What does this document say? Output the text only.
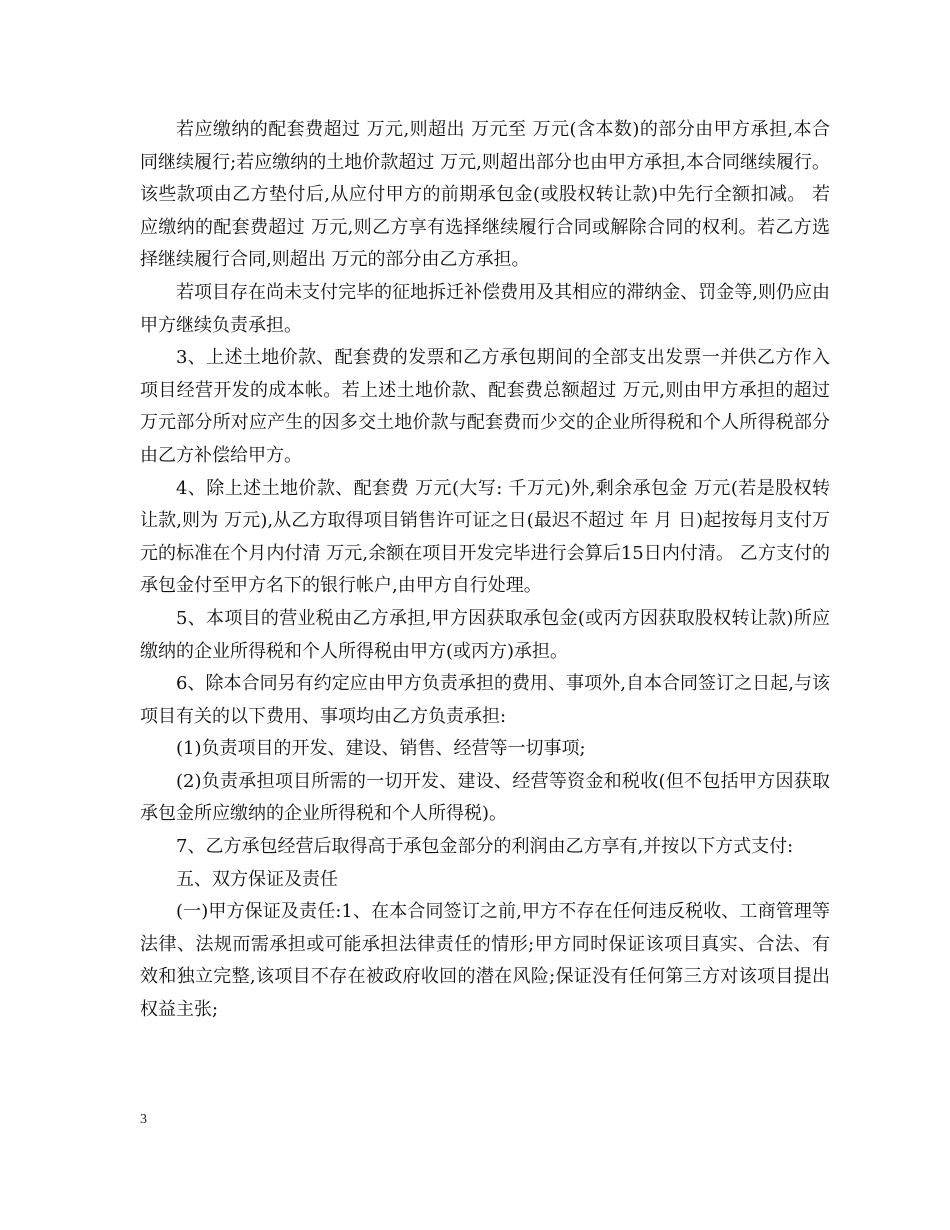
若应缴纳的配套费超过 万元,则超出 万元至 万元(含本数)的部分由甲方承担,本合同继续履行;若应缴纳的土地价款超过 万元,则超出部分也由甲方承担,本合同继续履行。该些款项由乙方垫付后,从应付甲方的前期承包金(或股权转让款)中先行全额扣减。 若应缴纳的配套费超过 万元,则乙方享有选择继续履行合同或解除合同的权利。若乙方选择继续履行合同,则超出 万元的部分由乙方承担。

若项目存在尚未支付完毕的征地拆迁补偿费用及其相应的滞纳金、罚金等,则仍应由甲方继续负责承担。

3、上述土地价款、配套费的发票和乙方承包期间的全部支出发票一并供乙方作入项目经营开发的成本帐。若上述土地价款、配套费总额超过 万元,则由甲方承担的超过 万元部分所对应产生的因多交土地价款与配套费而少交的企业所得税和个人所得税部分由乙方补偿给甲方。

4、除上述土地价款、配套费 万元(大写: 千万元)外,剩余承包金 万元(若是股权转让款,则为 万元),从乙方取得项目销售许可证之日(最迟不超过 年 月 日)起按每月支付万元的标准在个月内付清 万元,余额在项目开发完毕进行会算后15日内付清。 乙方支付的承包金付至甲方名下的银行帐户,由甲方自行处理。

5、本项目的营业税由乙方承担,甲方因获取承包金(或丙方因获取股权转让款)所应缴纳的企业所得税和个人所得税由甲方(或丙方)承担。

6、除本合同另有约定应由甲方负责承担的费用、事项外,自本合同签订之日起,与该项目有关的以下费用、事项均由乙方负责承担:

(1)负责项目的开发、建设、销售、经营等一切事项;

(2)负责承担项目所需的一切开发、建设、经营等资金和税收(但不包括甲方因获取承包金所应缴纳的企业所得税和个人所得税)。

7、乙方承包经营后取得高于承包金部分的利润由乙方享有,并按以下方式支付:

五、双方保证及责任

(一)甲方保证及责任:1、在本合同签订之前,甲方不存在任何违反税收、工商管理等法律、法规而需承担或可能承担法律责任的情形;甲方同时保证该项目真实、合法、有效和独立完整,该项目不存在被政府收回的潜在风险;保证没有任何第三方对该项目提出权益主张;

3
